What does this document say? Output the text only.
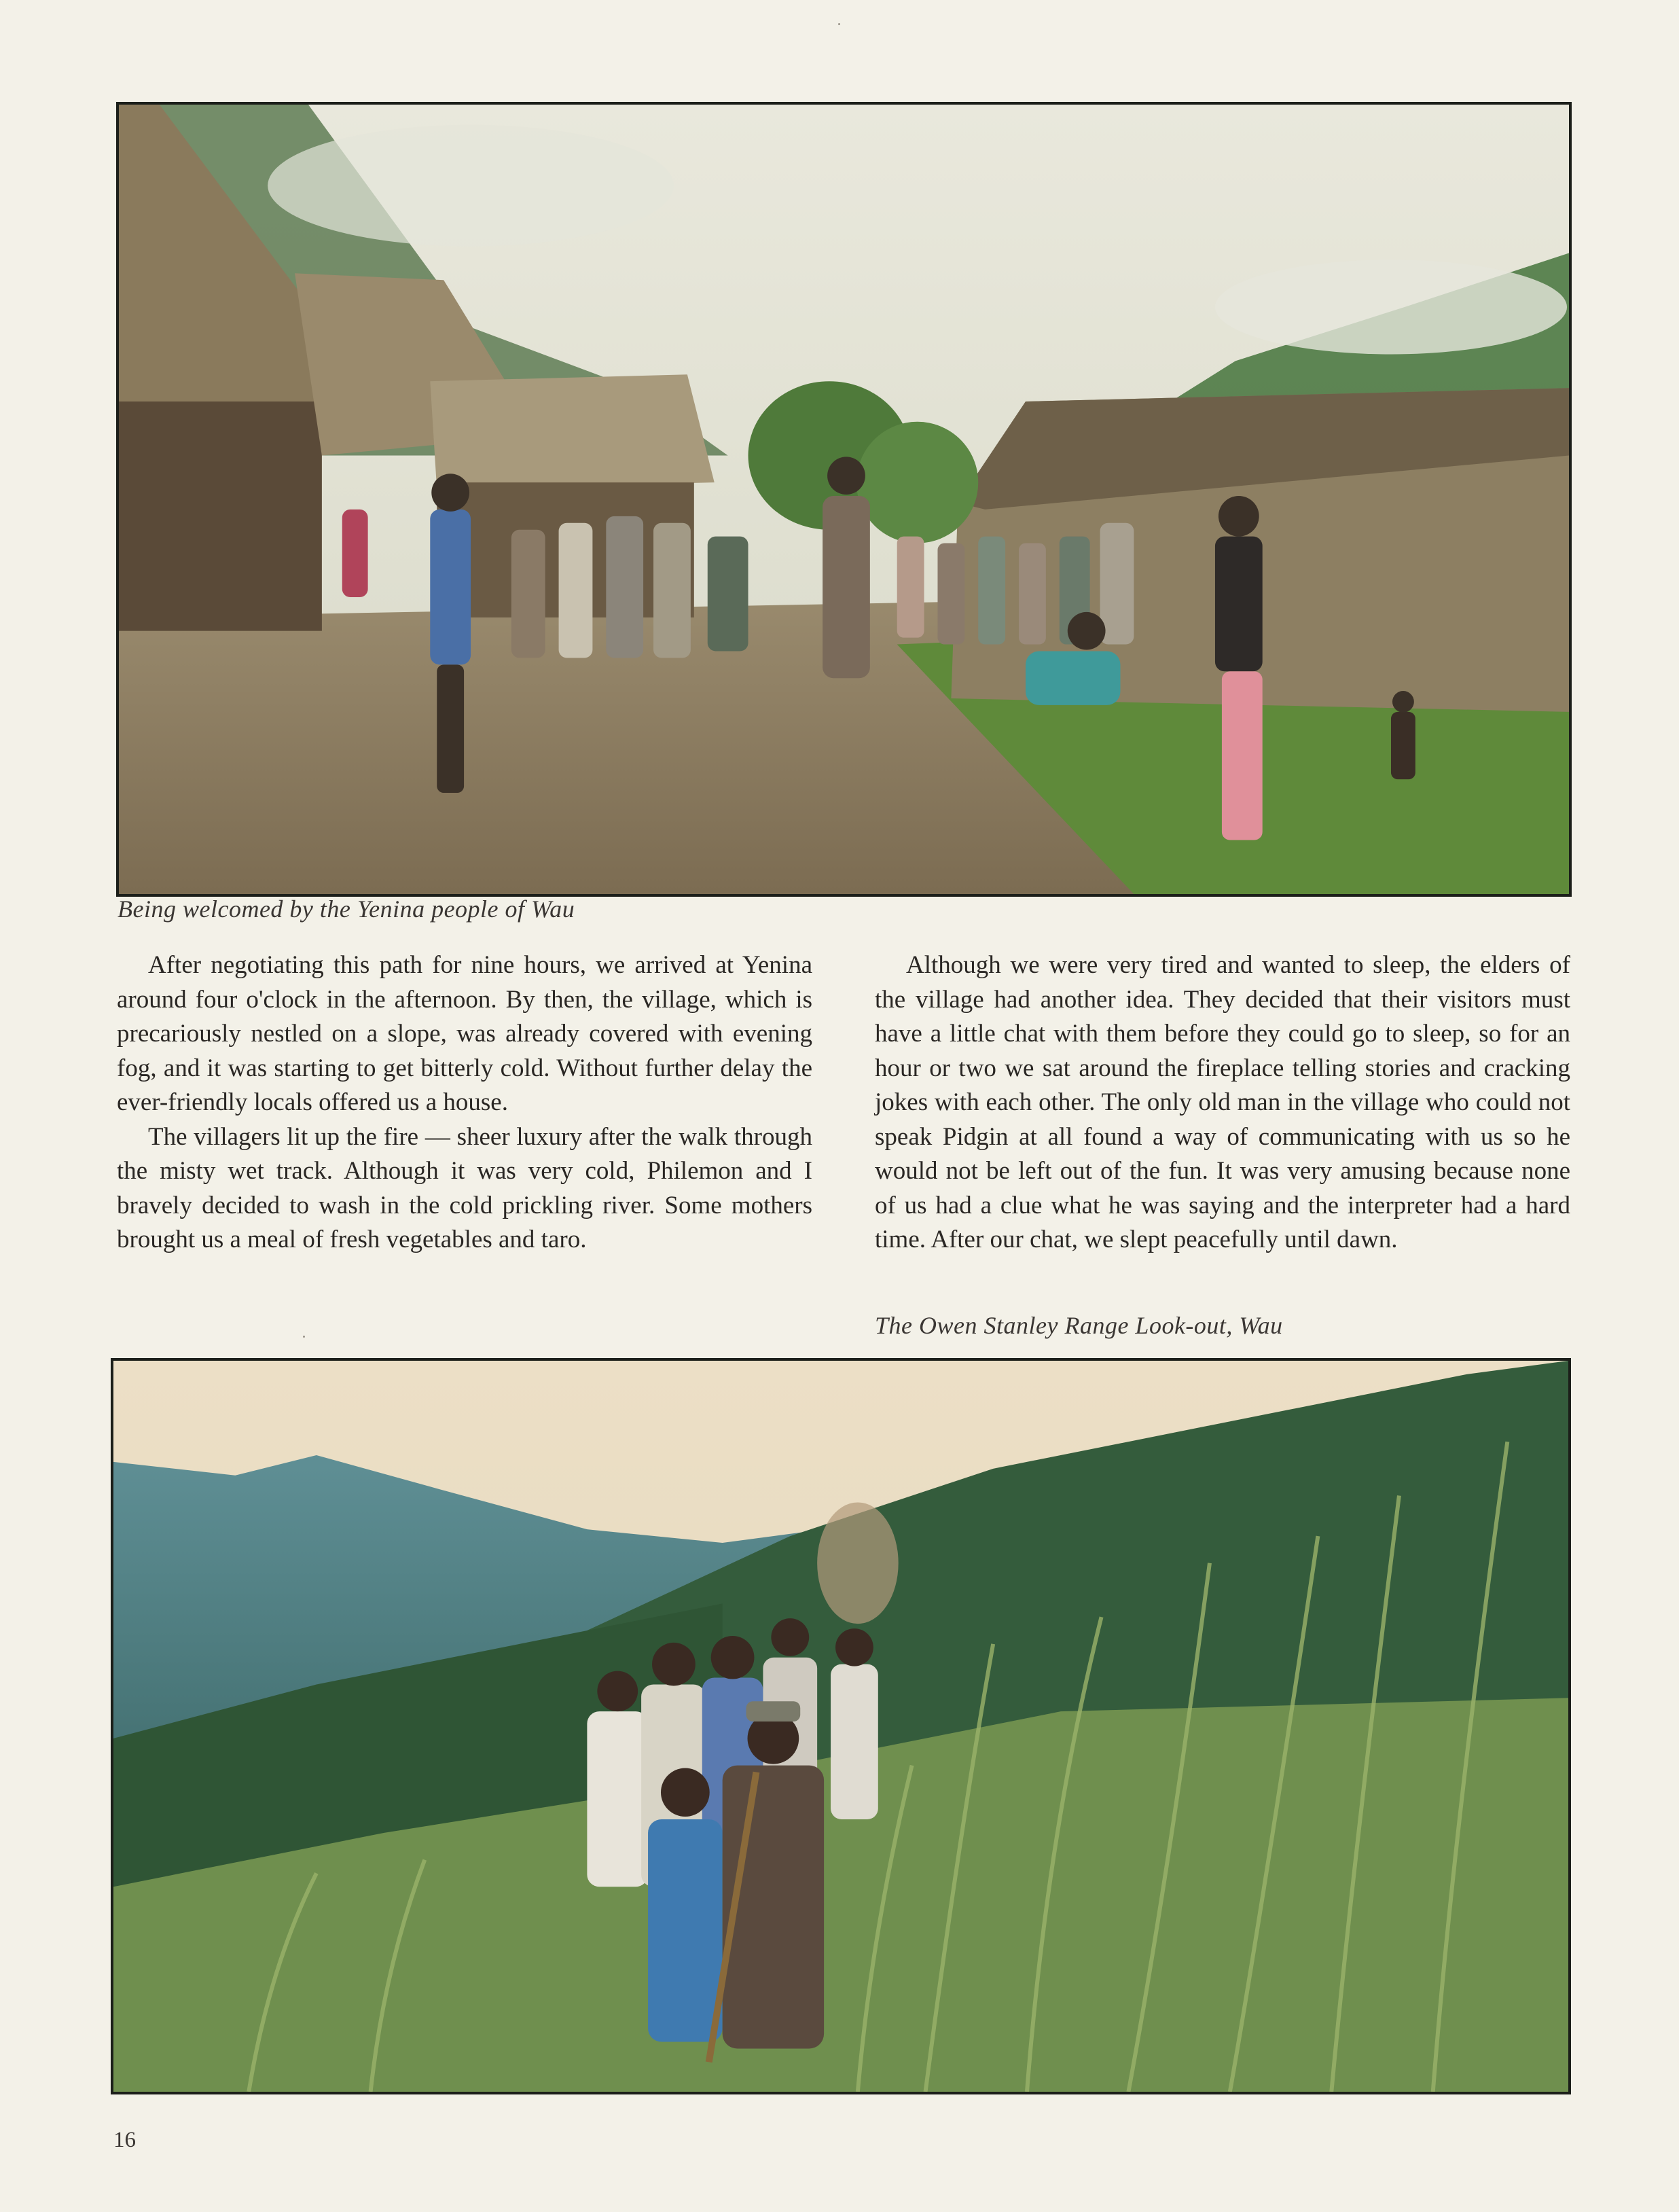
Being welcomed by the Yenina people of Wau

After negotiating this path for nine hours, we arrived at Yenina around four o'clock in the afternoon. By then, the village, which is precariously nestled on a slope, was already covered with evening fog, and it was starting to get bitterly cold. Without further delay the ever-friendly locals offered us a house.

The villagers lit up the fire — sheer luxury after the walk through the misty wet track. Although it was very cold, Philemon and I bravely decided to wash in the cold prickling river. Some mothers brought us a meal of fresh vegetables and taro.

Although we were very tired and wanted to sleep, the elders of the village had another idea. They decided that their visitors must have a little chat with them before they could go to sleep, so for an hour or two we sat around the fireplace telling stories and cracking jokes with each other. The only old man in the village who could not speak Pidgin at all found a way of communicating with us so he would not be left out of the fun. It was very amusing because none of us had a clue what he was saying and the interpreter had a hard time. After our chat, we slept peacefully until dawn.

The Owen Stanley Range Look-out, Wau
16
